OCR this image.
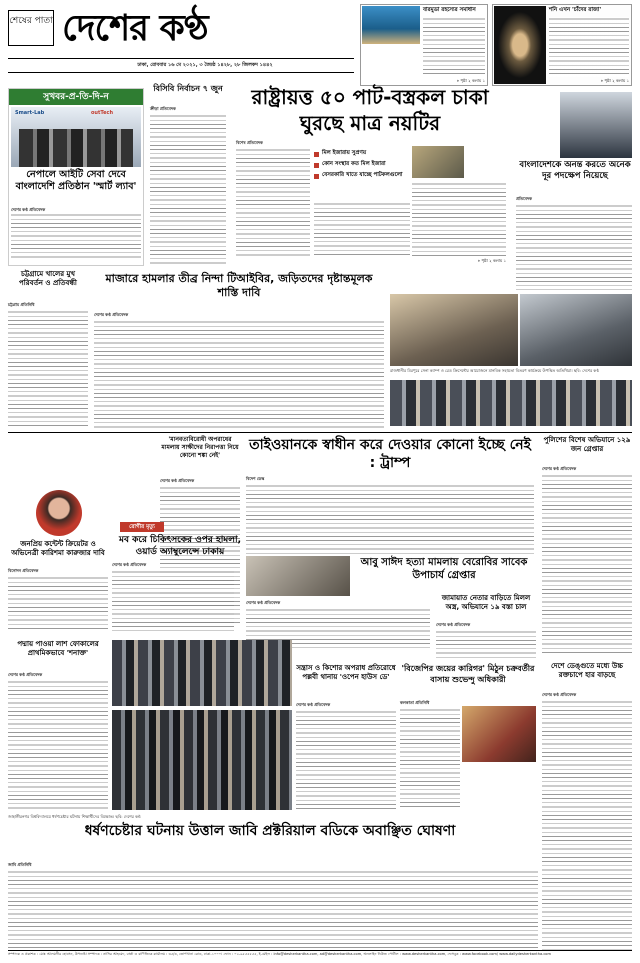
শেষের পাতা দেশের কণ্ঠ
ঢাকা, রোববার ১৬ মে ২০২১, ৩ জ্যৈষ্ঠ ১৪২৮, ২৮ জিলকদ ১৪৪২
বারমুডা রহস্যের সমাধান
» পৃষ্ঠা ২ কলাম ১
শনি এখন 'চাঁদের রাজা'
» পৃষ্ঠা ২ কলাম ১
সুখবর-প্র-তি-দি-ন
Smart-Lab	outTech
নেপালে আইটি সেবা দেবে বাংলাদেশি প্রতিষ্ঠান 'স্মার্ট ল্যাব'
দেশের কণ্ঠ প্রতিবেদক
বিসিবি নির্বাচন ৭ জুন
ক্রীড়া প্রতিবেদক	রাষ্ট্রায়ত্ত ৫০ পাট-বস্ত্রকল চাকা ঘুরছে মাত্র নয়টির
বিশেষ প্রতিবেদক
মিল ইজারায় সুপ্রণয়
কোন সংস্থার কত মিল ইজারা
বেসরকারি খাতে যাচ্ছে পাটকলগুলো
» পৃষ্ঠা ২ কলাম ১
বাংলাদেশকে অনন্ত করতে অনেক দূর পদক্ষেপ নিয়েছে
প্রতিবেদক
চট্টগ্রামে খালের মুখ পরিবর্তন ও প্রতিবন্ধী
চট্টগ্রাম প্রতিনিধি
মাজারে হামলার তীব্র নিন্দা টিআইবির, জড়িতদের দৃষ্টান্তমূলক শাস্তি দাবি
দেশের কণ্ঠ প্রতিবেদক
রাজধানীর মিরপুরে সেনা ক্যাম্প ও রেড ক্রিসেন্টের আয়োজনে মানবিক সহায়তা বিতরণ কার্যক্রমে উপস্থিত অতিথিরা। ছবি: দেশের কণ্ঠ
'মানবতাবিরোধী অপরাধের মামলায় সাক্ষীদের নিরাপত্তা নিয়ে কোনো শঙ্কা নেই'
দেশের কণ্ঠ প্রতিবেদক
তাইওয়ানকে স্বাধীন করে দেওয়ার কোনো ইচ্ছে নেই : ট্রাম্প
বিদেশ ডেস্ক
পুলিশের বিশেষ অভিযানে ১২৯ জন গ্রেপ্তার
দেশের কণ্ঠ প্রতিবেদক
জনপ্রিয় কন্টেন্ট ক্রিয়েটর ও অভিনেত্রী কারিশমা কারুজার দাবি
বিনোদন প্রতিবেদক
রোগীর মৃত্যু
মব করে চিকিৎসকের ওপর হামলা, ওয়ার্ড অ্যাম্বুলেন্সে ঢাকায়
দেশের কণ্ঠ প্রতিবেদক	আবু সাঈদ হত্যা মামলায় বেরোবির সাবেক উপাচার্য গ্রেপ্তার
দেশের কণ্ঠ প্রতিবেদক
জামায়াত নেতার বাড়িতে মিলল অস্ত্র, অভিযানে ১৯ বস্তা চাল
দেশের কণ্ঠ প্রতিবেদক
পদ্মায় পাওয়া লাশ ফোকালের প্রাথমিকভাবে 'শনাক্ত'
দেশের কণ্ঠ প্রতিবেদক
সন্ত্রাস ও কিশোর অপরাধ প্রতিরোধে পল্লবী থানায় 'ওপেন হাউস ডে'
দেশের কণ্ঠ প্রতিবেদক
'বিজেপির জয়ের কারিগর' মিঠুন চক্রবর্তীর বাসায় শুভেন্দু অধিকারী
কলকাতা প্রতিনিধি
দেশে ডেঙ্গুতে মধ্যে উচ্চ রক্তচাপে হার বাড়ছে
দেশের কণ্ঠ প্রতিবেদক
জাহাঙ্গীরনগর বিশ্ববিদ্যালয়ে ধর্ষণচেষ্টার ঘটনায় শিক্ষার্থীদের বিক্ষোভ। ছবি: দেশের কণ্ঠ
ধর্ষণচেষ্টার ঘটনায় উত্তাল জাবি প্রক্টরিয়াল বডিকে অবাঞ্ছিত ঘোষণা
জাবি প্রতিনিধি
সম্পাদক ও প্রকাশক : মোঃ আলমগীর হোসেন, উপদেষ্টা সম্পাদক : নাসির আহমেদ, বার্তা ও বাণিজ্যিক কার্যালয় : ৩৫/৩, তোপখানা রোড, ঢাকা-১০০০। ফোন : ০২-৯৫৫৫৫৫৫, ই-মেইল : info@desherkantha.com, ad@desherkantha.com, অনলাইন নিউজ পোর্টাল : www.desherkantha.com, ফেসবুক : www.facebook.com/ www.dailydesherkantha.com
